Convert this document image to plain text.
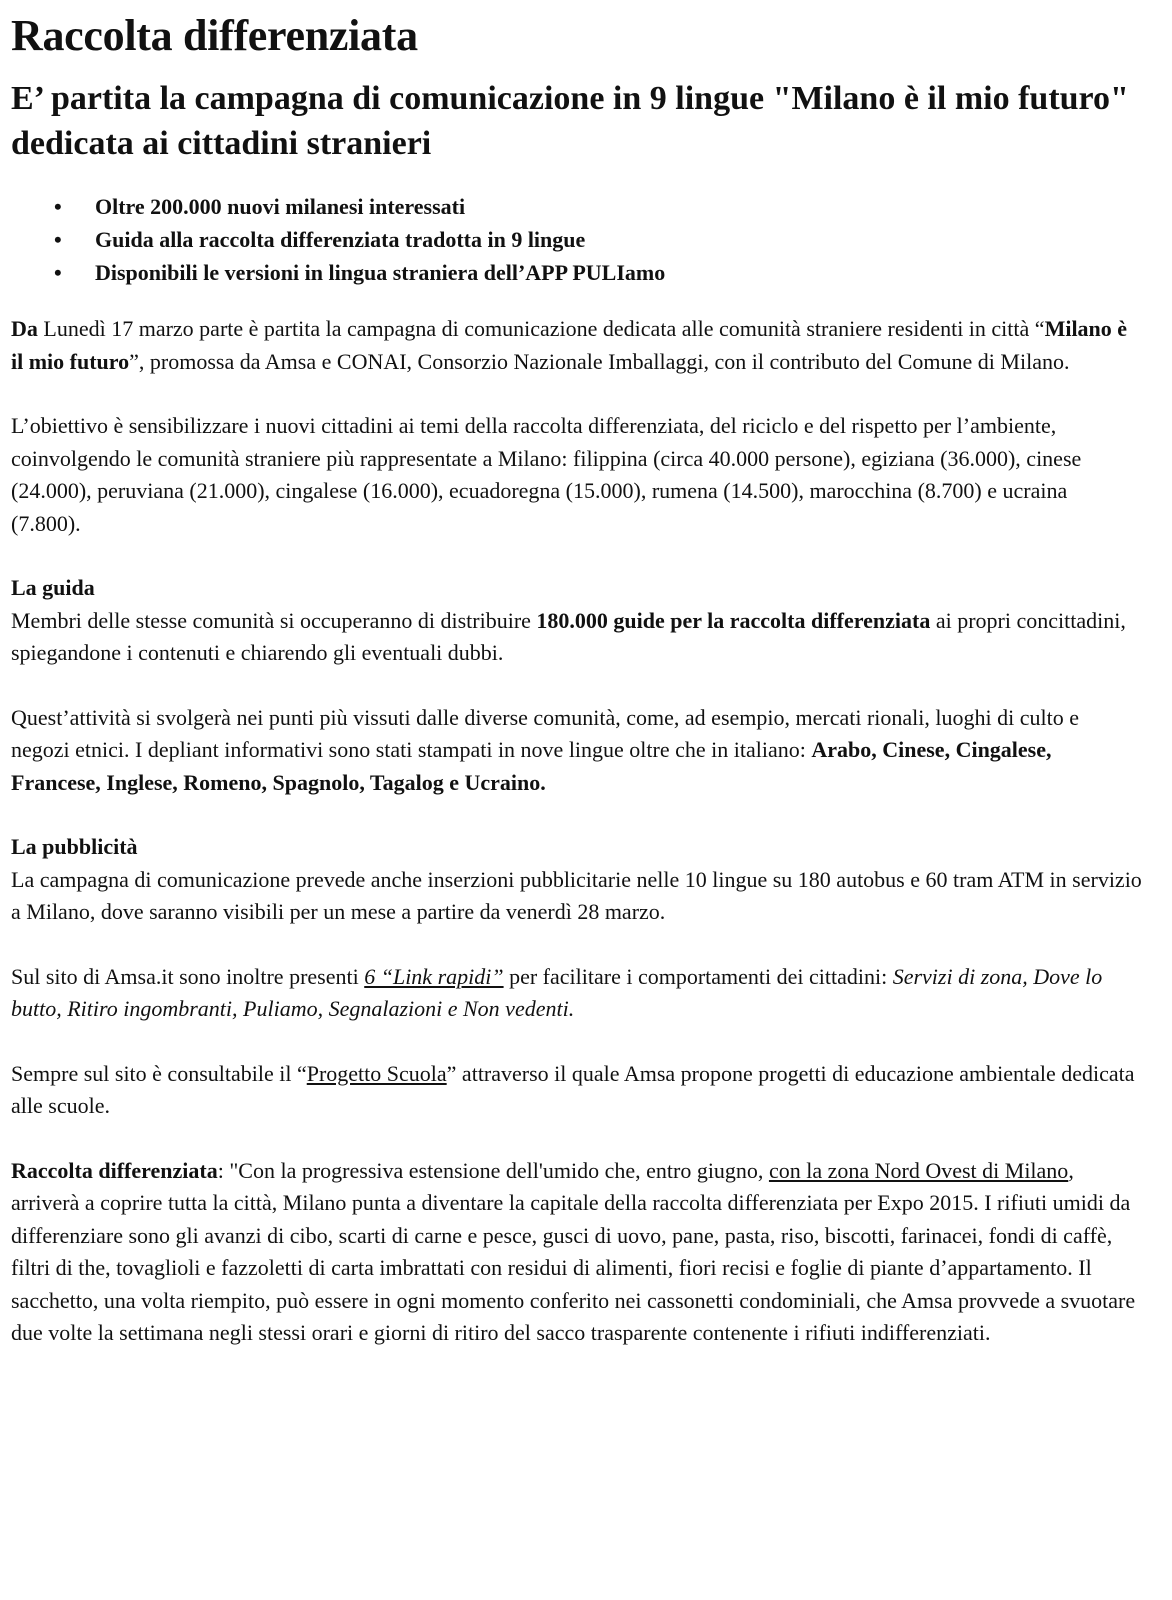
Raccolta differenziata
E’ partita la campagna di comunicazione in 9 lingue "Milano è il mio futuro" dedicata ai cittadini stranieri
• Oltre 200.000 nuovi milanesi interessati
• Guida alla raccolta differenziata tradotta in 9 lingue
• Disponibili le versioni in lingua straniera dell’APP PULIamo

Da Lunedì 17 marzo parte è partita la campagna di comunicazione dedicata alle comunità straniere residenti in città “Milano è il mio futuro”, promossa da Amsa e CONAI, Consorzio Nazionale Imballaggi, con il contributo del Comune di Milano.

L’obiettivo è sensibilizzare i nuovi cittadini ai temi della raccolta differenziata, del riciclo e del rispetto per l’ambiente, coinvolgendo le comunità straniere più rappresentate a Milano: filippina (circa 40.000 persone), egiziana (36.000), cinese (24.000), peruviana (21.000), cingalese (16.000), ecuadoregna (15.000), rumena (14.500), marocchina (8.700) e ucraina (7.800).

La guida

Membri delle stesse comunità si occuperanno di distribuire 180.000 guide per la raccolta differenziata ai propri concittadini, spiegandone i contenuti e chiarendo gli eventuali dubbi.

Quest’attività si svolgerà nei punti più vissuti dalle diverse comunità, come, ad esempio, mercati rionali, luoghi di culto e negozi etnici. I depliant informativi sono stati stampati in nove lingue oltre che in italiano: Arabo, Cinese, Cingalese, Francese, Inglese, Romeno, Spagnolo, Tagalog e Ucraino.

La pubblicità

La campagna di comunicazione prevede anche inserzioni pubblicitarie nelle 10 lingue su 180 autobus e 60 tram ATM in servizio a Milano, dove saranno visibili per un mese a partire da venerdì 28 marzo.

Sul sito di Amsa.it sono inoltre presenti 6 “Link rapidi” per facilitare i comportamenti dei cittadini: Servizi di zona, Dove lo butto, Ritiro ingombranti, Puliamo, Segnalazioni e Non vedenti.

Sempre sul sito è consultabile il “Progetto Scuola” attraverso il quale Amsa propone progetti di educazione ambientale dedicata alle scuole.

Raccolta differenziata: "Con la progressiva estensione dell'umido che, entro giugno, con la zona Nord Ovest di Milano, arriverà a coprire tutta la città, Milano punta a diventare la capitale della raccolta differenziata per Expo 2015. I rifiuti umidi da differenziare sono gli avanzi di cibo, scarti di carne e pesce, gusci di uovo, pane, pasta, riso, biscotti, farinacei, fondi di caffè, filtri di the, tovaglioli e fazzoletti di carta imbrattati con residui di alimenti, fiori recisi e foglie di piante d’appartamento. Il sacchetto, una volta riempito, può essere in ogni momento conferito nei cassonetti condominiali, che Amsa provvede a svuotare due volte la settimana negli stessi orari e giorni di ritiro del sacco trasparente contenente i rifiuti indifferenziati.
